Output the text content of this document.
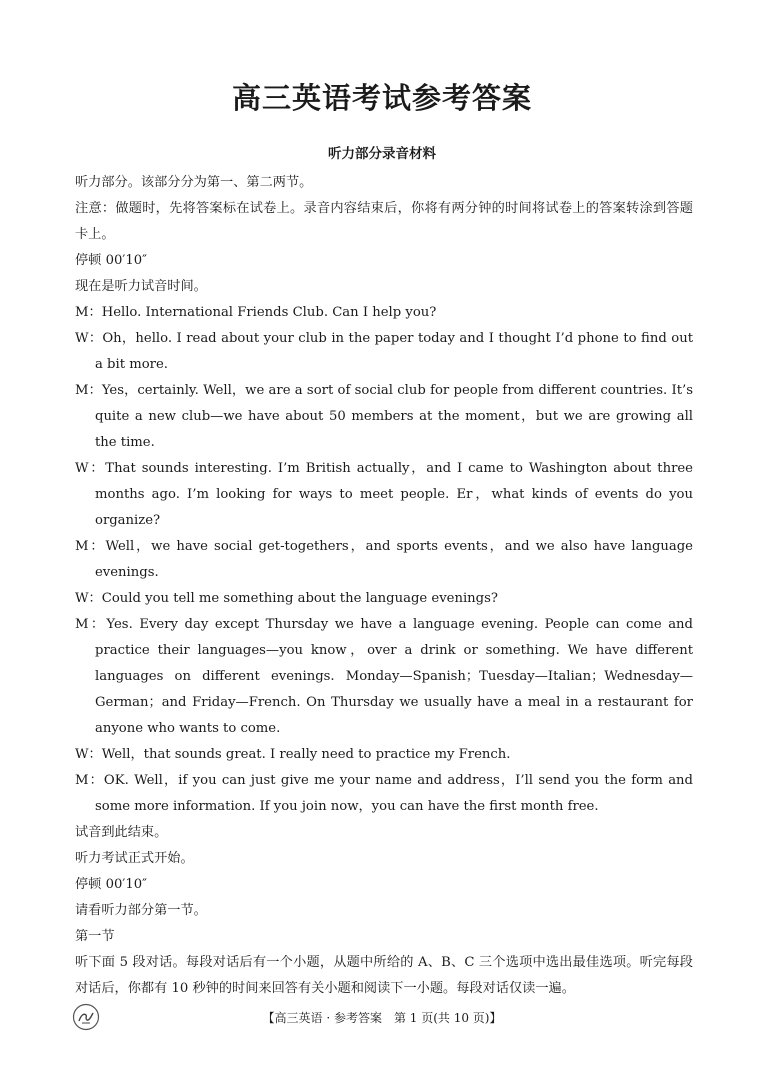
高三英语考试参考答案
听力部分录音材料

听力部分。该部分分为第一、第二两节。

注意：做题时，先将答案标在试卷上。录音内容结束后，你将有两分钟的时间将试卷上的答案转涂到答题卡上。

停顿 00′10″

现在是听力试音时间。

M：Hello. International Friends Club. Can I help you?

W：Oh，hello. I read about your club in the paper today and I thought I’d phone to find out a bit more.

M：Yes，certainly. Well，we are a sort of social club for people from different countries. It’s quite a new club—we have about 50 members at the moment，but we are growing all the time.

W：That sounds interesting. I’m British actually，and I came to Washington about three months ago. I’m looking for ways to meet people. Er，what kinds of events do you organize?

M：Well，we have social get-togethers，and sports events，and we also have language evenings.

W：Could you tell me something about the language evenings?

M：Yes. Every day except Thursday we have a language evening. People can come and practice their languages—you know，over a drink or something. We have different languages on different evenings. Monday—Spanish；Tuesday—Italian；Wednesday—German；and Friday—French. On Thursday we usually have a meal in a restaurant for anyone who wants to come.

W：Well，that sounds great. I really need to practice my French.

M：OK. Well，if you can just give me your name and address，I’ll send you the form and some more information. If you join now，you can have the first month free.

试音到此结束。

听力考试正式开始。

停顿 00′10″

请看听力部分第一节。

第一节

听下面 5 段对话。每段对话后有一个小题，从题中所给的 A、B、C 三个选项中选出最佳选项。听完每段对话后，你都有 10 秒钟的时间来回答有关小题和阅读下一小题。每段对话仅读一遍。

【高三英语 · 参考答案　第 1 页(共 10 页)】
